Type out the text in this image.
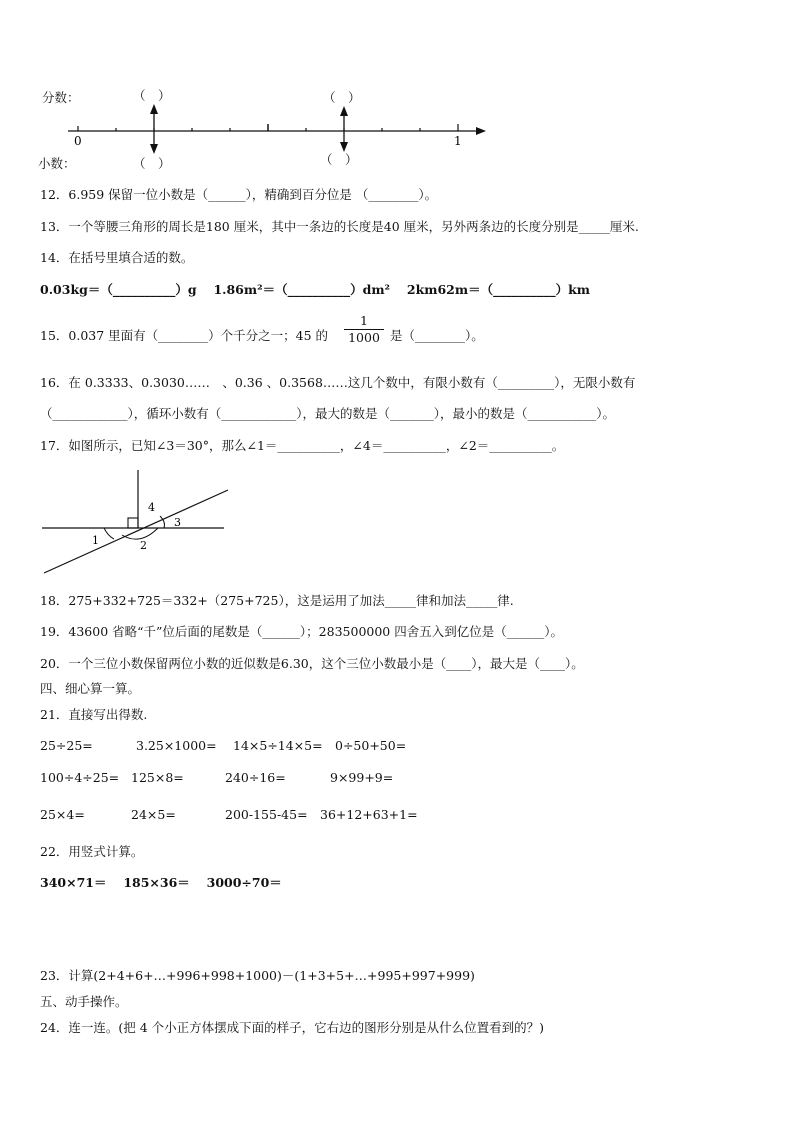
分数：
小数：
（　）	（　）
（　）	（　）
0	1
12．6.959 保留一位小数是（______），精确到百分位是 （________）。
13．一个等腰三角形的周长是180 厘米，其中一条边的长度是40 厘米，另外两条边的长度分别是_____厘米.
14．在括号里填合适的数。
0.03kg＝（__________）g　 1.86m²＝（__________）dm²　 2km62m＝（__________）km
15．0.037 里面有（________）个千分之一；45 的 $\frac{1}{1000}$ 是（________）。
16．在 0.3333、0.3030……　、0.36 、0.3568……这几个数中，有限小数有（_________），无限小数有
（____________），循环小数有（____________），最大的数是（_______），最小的数是（___________）。
17．如图所示，已知∠3＝30°，那么∠1＝__________，∠4＝__________，∠2＝__________。
1	2
3
4
18．275+332+725＝332+（275+725），这是运用了加法_____律和加法_____律.
19．43600 省略“千”位后面的尾数是（______）；283500000 四舍五入到亿位是（______）。
20．一个三位小数保留两位小数的近似数是6.30，这个三位小数最小是（____），最大是（____）。
四、细心算一算。
21．直接写出得数.
25÷25=	3.25×1000= 14×5÷14×5= 0÷50+50=
100÷4÷25= 125×8=	240÷16=	9×99+9=
25×4=	24×5=	200-155-45= 36+12+63+1=
22．用竖式计算。
340×71＝　 185×36＝　 3000÷70＝
23．计算(2+4+6+…+996+998+1000)－(1+3+5+…+995+997+999)
五、动手操作。
24．连一连。(把 4 个小正方体摆成下面的样子，它右边的图形分别是从什么位置看到的？)
